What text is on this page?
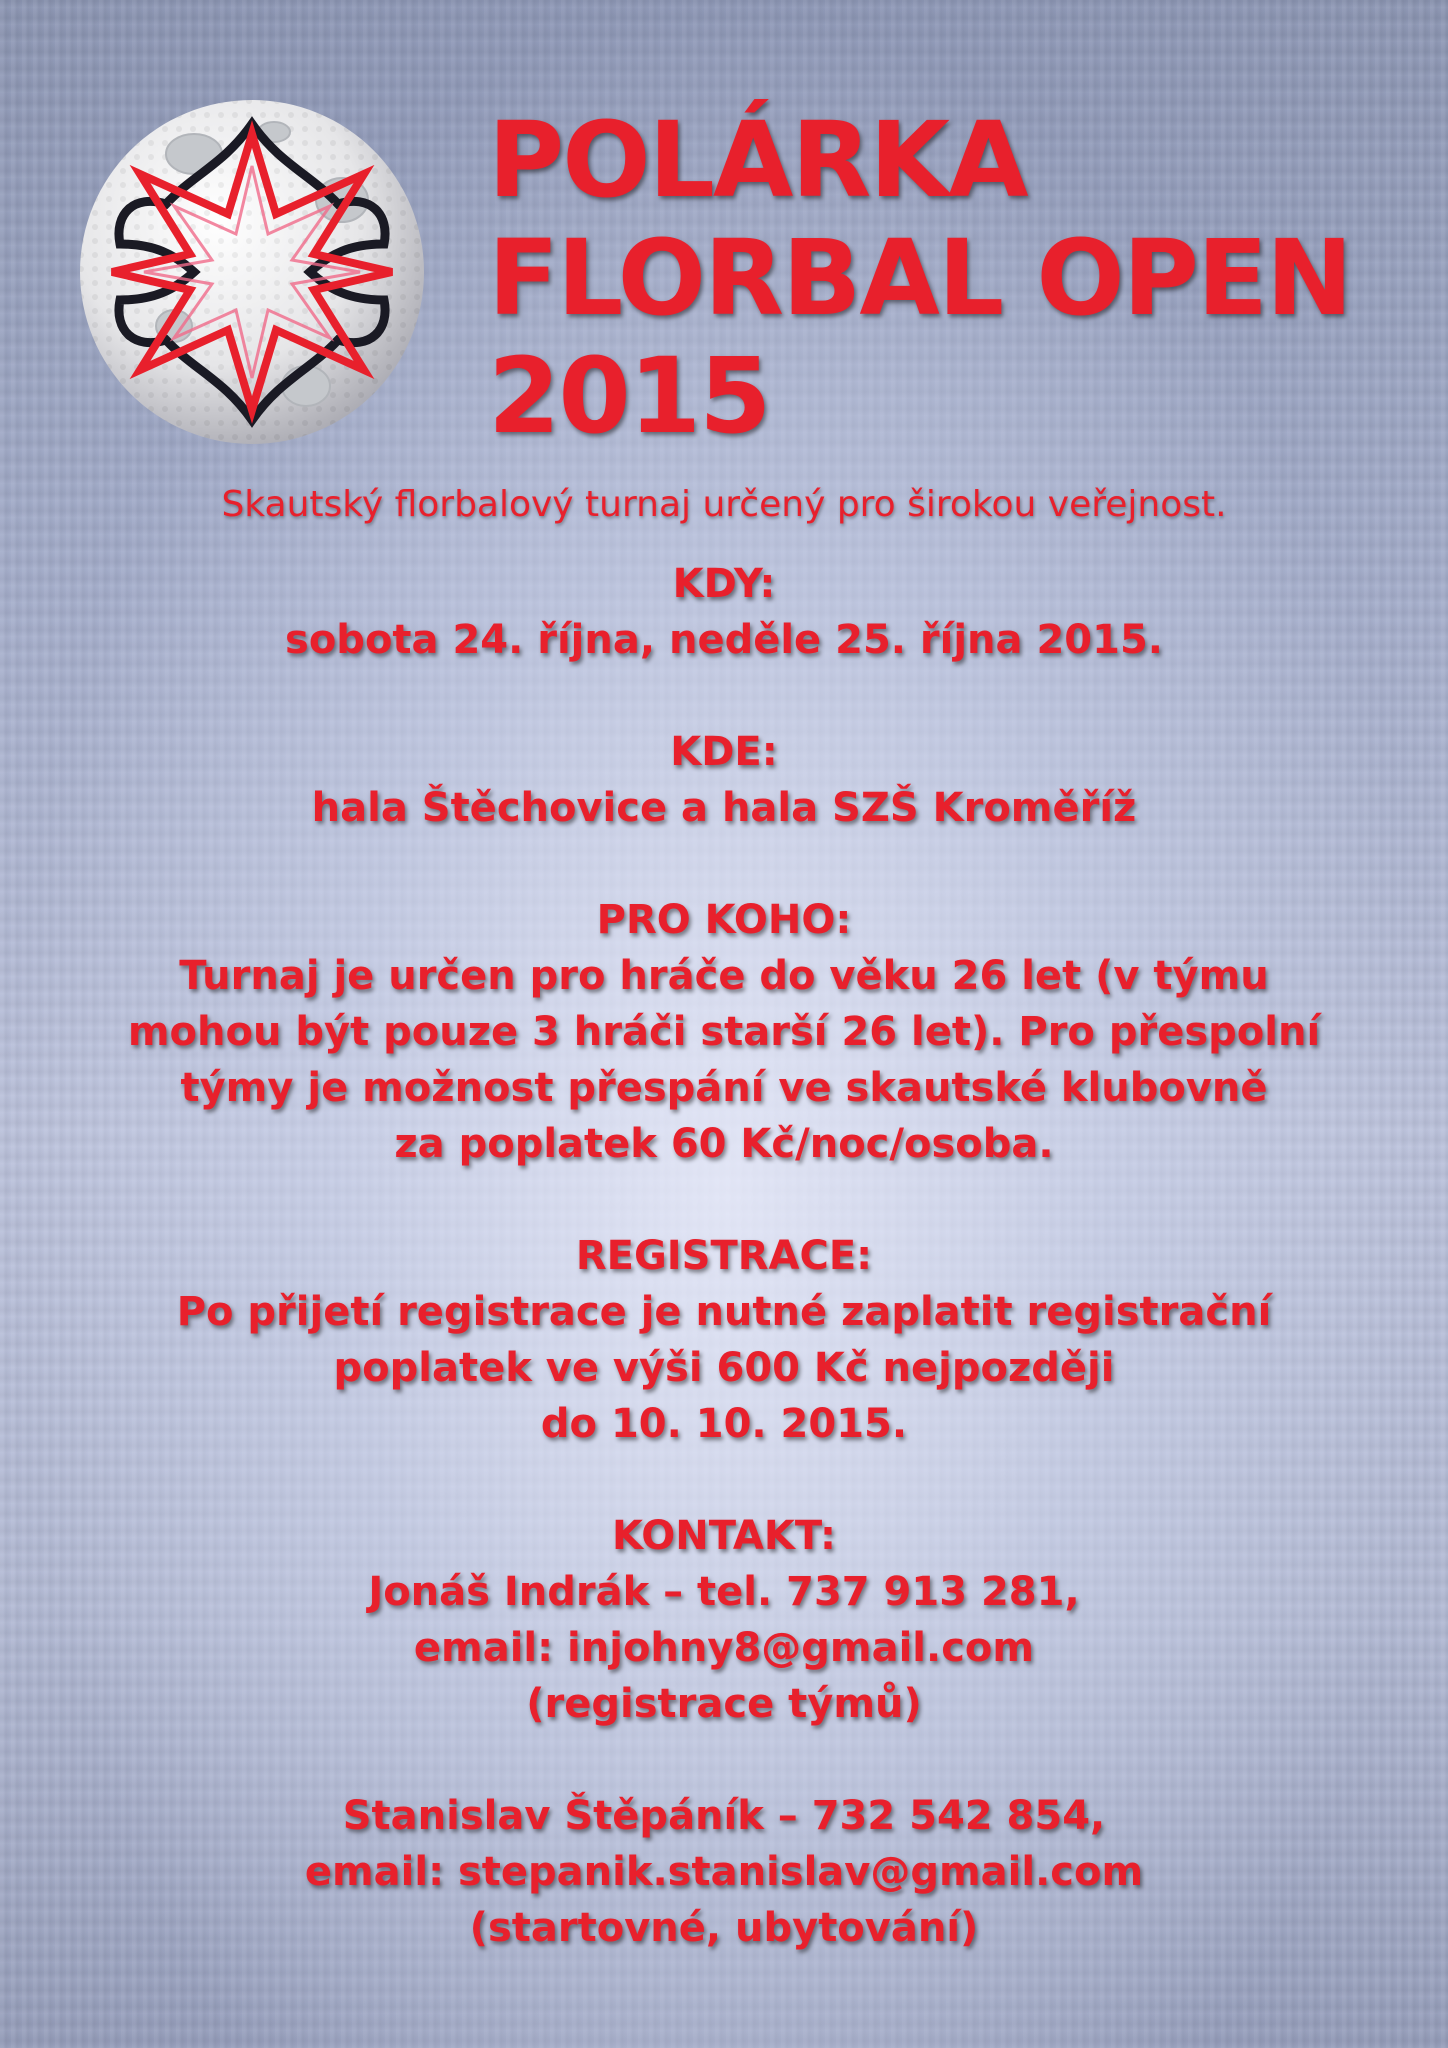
POLÁRKA
FLORBAL OPEN
2015
Skautský florbalový turnaj určený pro širokou veřejnost.
KDY:
sobota 24. října, neděle 25. října 2015.
KDE:
hala Štěchovice a hala SZŠ Kroměříž
PRO KOHO:
Turnaj je určen pro hráče do věku 26 let (v týmu
mohou být pouze 3 hráči starší 26 let). Pro přespolní
týmy je možnost přespání ve skautské klubovně
za poplatek 60 Kč/noc/osoba.
REGISTRACE:
Po přijetí registrace je nutné zaplatit registrační
poplatek ve výši 600 Kč nejpozději
do 10. 10. 2015.
KONTAKT:
Jonáš Indrák – tel. 737 913 281,
email: injohny8@gmail.com
(registrace týmů)
Stanislav Štěpáník – 732 542 854,
email: stepanik.stanislav@gmail.com
(startovné, ubytování)
